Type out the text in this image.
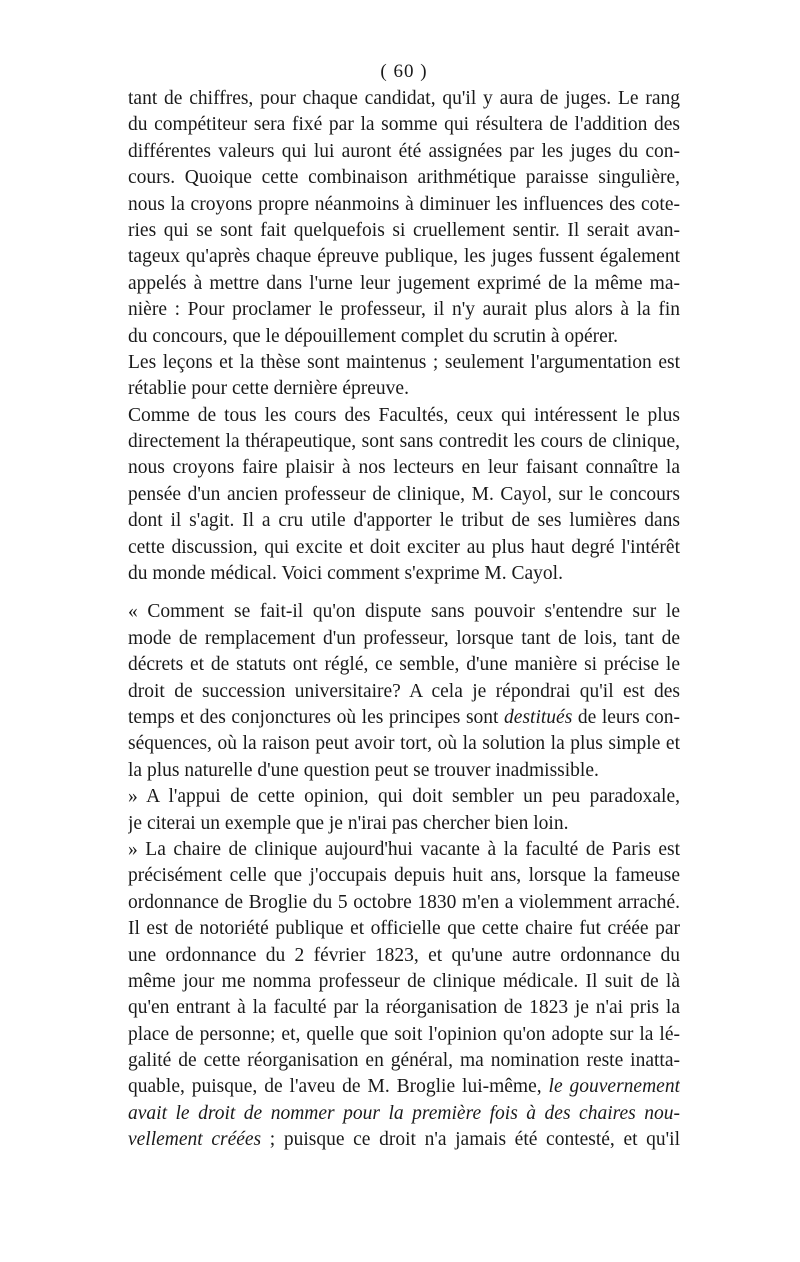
( 60 )
tant de chiffres, pour chaque candidat, qu'il y aura de juges. Le rang
du compétiteur sera fixé par la somme qui résultera de l'addition des
différentes valeurs qui lui auront été assignées par les juges du con-
cours. Quoique cette combinaison arithmétique paraisse singulière,
nous la croyons propre néanmoins à diminuer les influences des cote-
ries qui se sont fait quelquefois si cruellement sentir. Il serait avan-
tageux qu'après chaque épreuve publique, les juges fussent également
appelés à mettre dans l'urne leur jugement exprimé de la même ma-
nière : Pour proclamer le professeur, il n'y aurait plus alors à la fin
du concours, que le dépouillement complet du scrutin à opérer.
Les leçons et la thèse sont maintenus ; seulement l'argumentation est
rétablie pour cette dernière épreuve.
Comme de tous les cours des Facultés, ceux qui intéressent le plus
directement la thérapeutique, sont sans contredit les cours de clinique,
nous croyons faire plaisir à nos lecteurs en leur faisant connaître la
pensée d'un ancien professeur de clinique, M. Cayol, sur le concours
dont il s'agit. Il a cru utile d'apporter le tribut de ses lumières dans
cette discussion, qui excite et doit exciter au plus haut degré l'intérêt
du monde médical. Voici comment s'exprime M. Cayol.
« Comment se fait-il qu'on dispute sans pouvoir s'entendre sur le
mode de remplacement d'un professeur, lorsque tant de lois, tant de
décrets et de statuts ont réglé, ce semble, d'une manière si précise le
droit de succession universitaire? A cela je répondrai qu'il est des
temps et des conjonctures où les principes sont destitués de leurs con-
séquences, où la raison peut avoir tort, où la solution la plus simple et
la plus naturelle d'une question peut se trouver inadmissible.
» A l'appui de cette opinion, qui doit sembler un peu paradoxale,
je citerai un exemple que je n'irai pas chercher bien loin.
» La chaire de clinique aujourd'hui vacante à la faculté de Paris est
précisément celle que j'occupais depuis huit ans, lorsque la fameuse
ordonnance de Broglie du 5 octobre 1830 m'en a violemment arraché.
Il est de notoriété publique et officielle que cette chaire fut créée par
une ordonnance du 2 février 1823, et qu'une autre ordonnance du
même jour me nomma professeur de clinique médicale. Il suit de là
qu'en entrant à la faculté par la réorganisation de 1823 je n'ai pris la
place de personne; et, quelle que soit l'opinion qu'on adopte sur la lé-
galité de cette réorganisation en général, ma nomination reste inatta-
quable, puisque, de l'aveu de M. Broglie lui-même, le gouvernement
avait le droit de nommer pour la première fois à des chaires nou-
vellement créées ; puisque ce droit n'a jamais été contesté, et qu'il
